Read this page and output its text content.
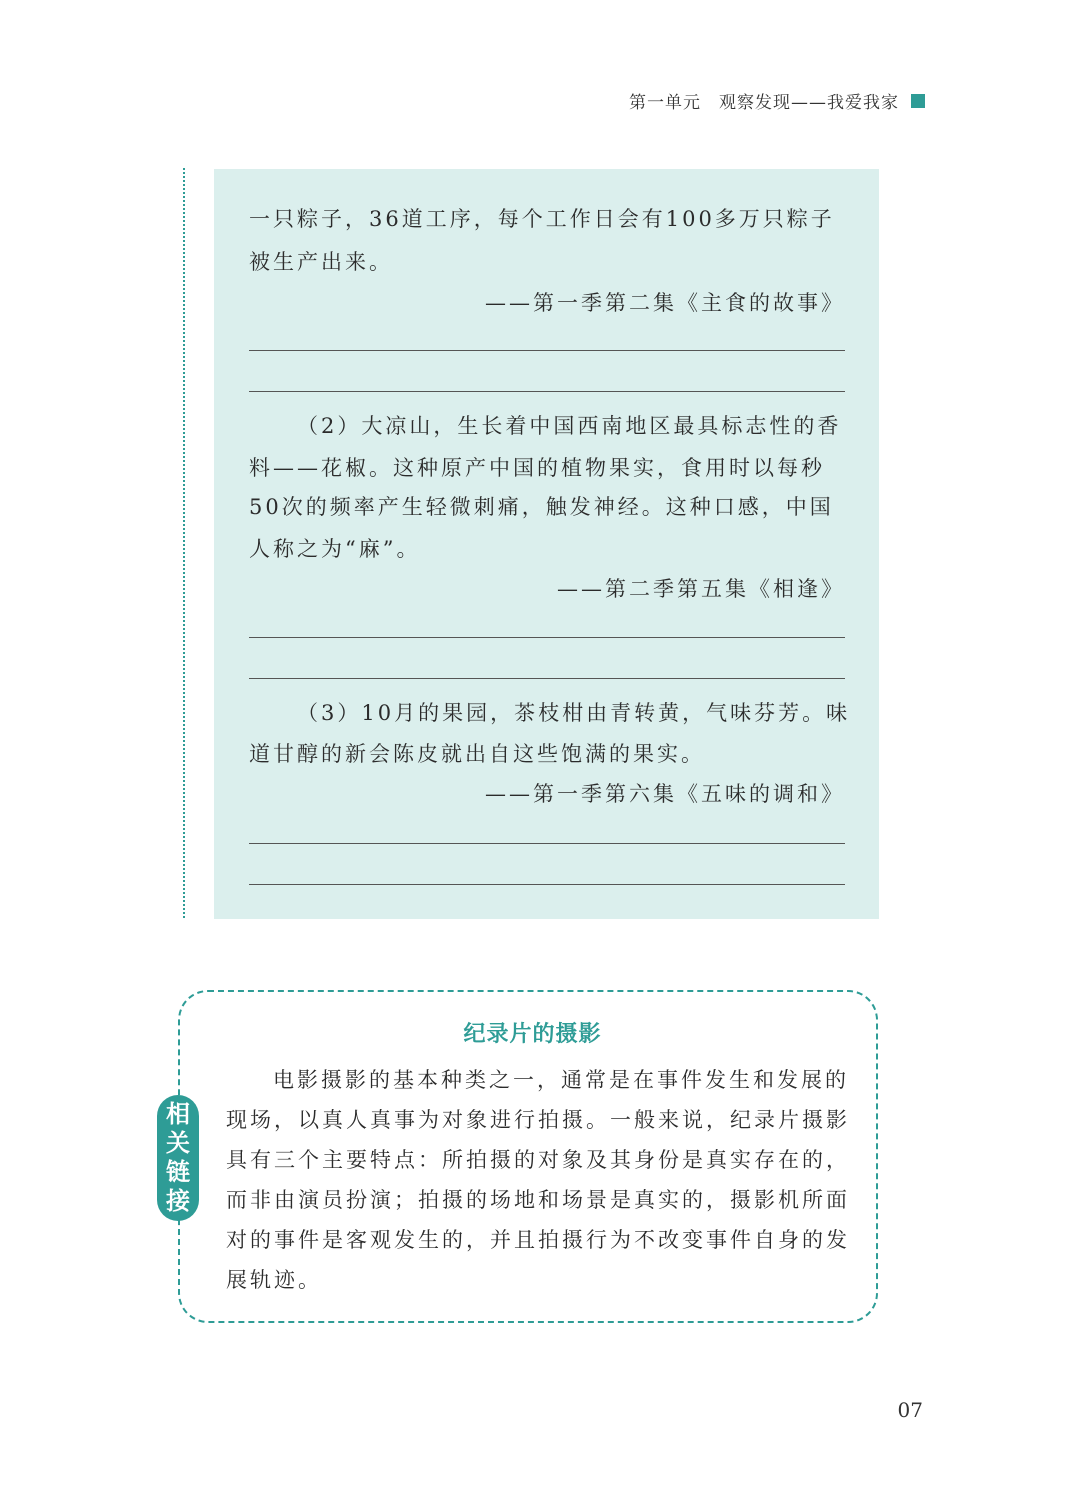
第一单元　观察发现——我爱我家
一只粽子，36道工序，每个工作日会有100多万只粽子
被生产出来。
——第一季第二集《主食的故事》
（2）大凉山，生长着中国西南地区最具标志性的香
料——花椒。这种原产中国的植物果实，食用时以每秒
50次的频率产生轻微刺痛，触发神经。这种口感，中国
人称之为“麻”。
——第二季第五集《相逢》
（3）10月的果园，茶枝柑由青转黄，气味芬芳。味
道甘醇的新会陈皮就出自这些饱满的果实。
——第一季第六集《五味的调和》
相
关
链
接
纪录片的摄影
电影摄影的基本种类之一，通常是在事件发生和发展的
现场，以真人真事为对象进行拍摄。一般来说，纪录片摄影
具有三个主要特点：所拍摄的对象及其身份是真实存在的，
而非由演员扮演；拍摄的场地和场景是真实的，摄影机所面
对的事件是客观发生的，并且拍摄行为不改变事件自身的发
展轨迹。
07
